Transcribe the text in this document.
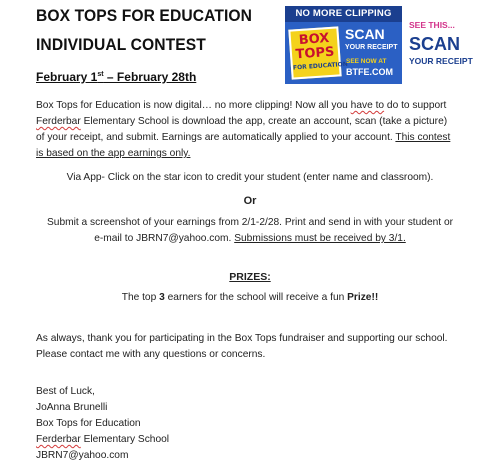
BOX TOPS FOR EDUCATION
INDIVIDUAL CONTEST
February 1st – February 28th
NO MORE CLIPPING
BOX
TOPS
FOR EDUCATION
SCAN
YOUR RECEIPT
SEE NOW AT
BTFE.COM
SEE THIS...
SCAN
YOUR RECEIPT
Box Tops for Education is now digital… no more clipping! Now all you have to do to support
Ferderbar Elementary School is download the app, create an account, scan (take a picture)
of your receipt, and submit. Earnings are automatically applied to your account. This contest
is based on the app earnings only.
Via App- Click on the star icon to credit your student (enter name and classroom).
Or
Submit a screenshot of your earnings from 2/1-2/28. Print and send in with your student or
e-mail to JBRN7@yahoo.com. Submissions must be received by 3/1.
PRIZES:
The top 3 earners for the school will receive a fun Prize!!
As always, thank you for participating in the Box Tops fundraiser and supporting our school.
Please contact me with any questions or concerns.
Best of Luck,
JoAnna Brunelli
Box Tops for Education
Ferderbar Elementary School
JBRN7@yahoo.com
